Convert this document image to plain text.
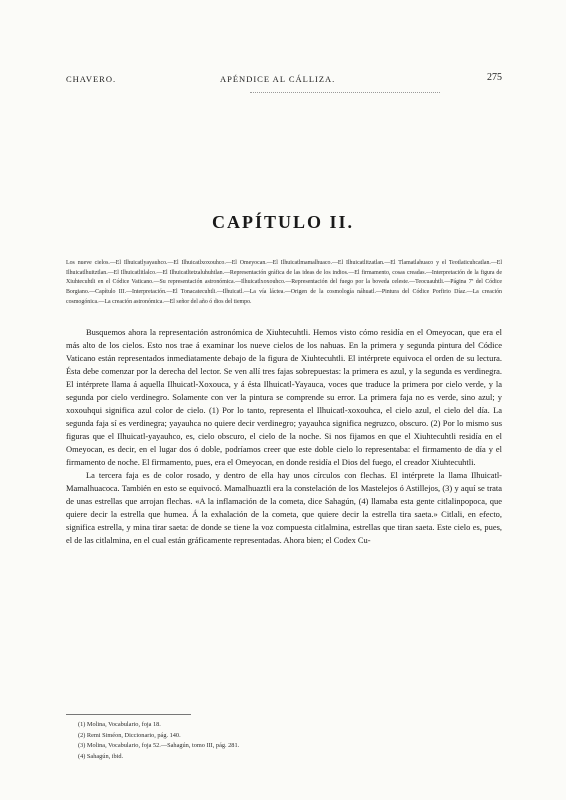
CHAVERO.	APÉNDICE AL CÁLLIZA.	275
CAPÍTULO II.
Los nueve cielos.—El Ilhuicatlyayauhco.—El Ilhuicatlxoxouhco.—El Omeyocan.—El Ilhuicatlmamalhuaco.—El Ilhuicatlitzatlan.—El Tlamatlahuaco y el Teotlaticuhcatlan.—El Ilhuicatlhuitztlan.—El Ilhuicatlitlalco.—El Ilhuicatltetzaluhuhtlan.—Representación gráfica de las ideas de los indios.—El firmamento, cosas creadas.—Interpretación de la figura de Xiuhtecuhtli en el Códice Vaticano.—Su representación astronómica.—Ilhuicatlxoxouhco.—Representación del fuego por la boveda celeste.—Teocuauhtli.—Página 7ª del Códice Borgiano.—Capítulo III.—Interpretación.—El Tonacatecuhtli.—Ilhuicatl.—La vía láctea.—Origen de la cosmología náhuatl.—Pintura del Códice Porfirio Díaz.—La creación cosmogónica.—La creación astronómica.—El señor del año ó dios del tiempo.

Busquemos ahora la representación astronómica de Xiuhtecuhtli. Hemos visto cómo residía en el Omeyocan, que era el más alto de los cielos. Esto nos trae á examinar los nueve cielos de los nahuas. En la primera y segunda pintura del Códice Vaticano están representados inmediatamente debajo de la figura de Xiuhtecuhtli. El intérprete equivoca el orden de su lectura. Ésta debe comenzar por la derecha del lector. Se ven allí tres fajas sobrepuestas: la primera es azul, y la segunda es verdinegra. El intérprete llama á aquella Ilhuicatl-Xoxouca, y á ésta Ilhuicatl-Yayauca, voces que traduce la primera por cielo verde, y la segunda por cielo verdinegro. Solamente con ver la pintura se comprende su error. La primera faja no es verde, sino azul; y xoxouhqui significa azul color de cielo. (1) Por lo tanto, representa el Ilhuicatl-xoxouhca, el cielo azul, el cielo del día. La segunda faja sí es verdinegra; yayauhca no quiere decir verdinegro; yayauhca significa negruzco, obscuro. (2) Por lo mismo sus figuras que el Ilhuicatl-yayauhco, es, cielo obscuro, el cielo de la noche. Si nos fijamos en que el Xiuhtecuhtli residía en el Omeyocan, es decir, en el lugar dos ó doble, podríamos creer que este doble cielo lo representaba: el firmamento de día y el firmamento de noche. El firmamento, pues, era el Omeyocan, en donde residía el Dios del fuego, el creador Xiuhtecuhtli.

La tercera faja es de color rosado, y dentro de ella hay unos círculos con flechas. El intérprete la llama Ilhuicatl-Mamalhuacoca. También en esto se equivocó. Mamalhuaztli era la constelación de los Mastelejos ó Astillejos, (3) y aquí se trata de unas estrellas que arrojan flechas. «A la inflamación de la cometa, dice Sahagún, (4) llamaba esta gente citlalinpopoca, que quiere decir la estrella que humea. Á la exhalación de la cometa, que quiere decir la estrella tira saeta.» Citlali, en efecto, significa estrella, y mina tirar saeta: de donde se tiene la voz compuesta citlalmina, estrellas que tiran saeta. Este cielo es, pues, el de las citlalmina, en el cual están gráficamente representadas. Ahora bien; el Codex Cu-

(1) Molina, Vocabulario, foja 18.
(2) Remi Siméon, Diccionario, pág. 140.
(3) Molina, Vocabulario, foja 52.—Sahagún, tomo III, pág. 281.
(4) Sahagún, ibid.
